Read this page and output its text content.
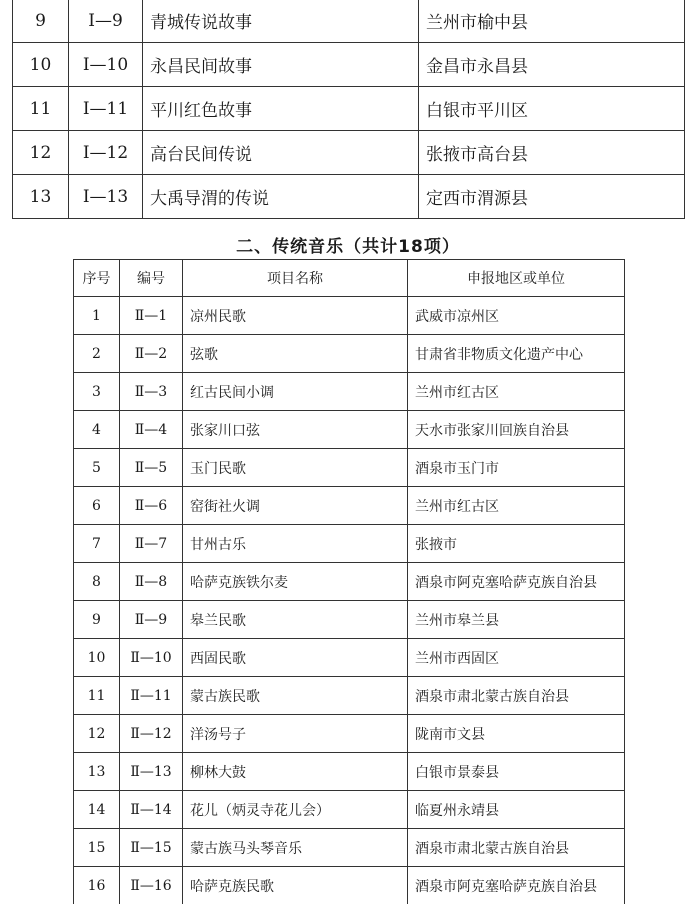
9	Ⅰ—9	青城传说故事	兰州市榆中县
10	Ⅰ—10	永昌民间故事	金昌市永昌县
11	Ⅰ—11	平川红色故事	白银市平川区
12	Ⅰ—12	高台民间传说	张掖市高台县
13	Ⅰ—13	大禹导渭的传说	定西市渭源县
二、传统音乐（共计18项）
序号	编号	项目名称	申报地区或单位
1	Ⅱ—1	凉州民歌	武威市凉州区
2	Ⅱ—2	弦歌	甘肃省非物质文化遗产中心
3	Ⅱ—3	红古民间小调	兰州市红古区
4	Ⅱ—4	张家川口弦	天水市张家川回族自治县
5	Ⅱ—5	玉门民歌	酒泉市玉门市
6	Ⅱ—6	窑街社火调	兰州市红古区
7	Ⅱ—7	甘州古乐	张掖市
8	Ⅱ—8	哈萨克族铁尔麦	酒泉市阿克塞哈萨克族自治县
9	Ⅱ—9	皋兰民歌	兰州市皋兰县
10	Ⅱ—10	西固民歌	兰州市西固区
11	Ⅱ—11	蒙古族民歌	酒泉市肃北蒙古族自治县
12	Ⅱ—12	洋汤号子	陇南市文县
13	Ⅱ—13	柳林大鼓	白银市景泰县
14	Ⅱ—14	花儿（炳灵寺花儿会）	临夏州永靖县
15	Ⅱ—15	蒙古族马头琴音乐	酒泉市肃北蒙古族自治县
16	Ⅱ—16	哈萨克族民歌	酒泉市阿克塞哈萨克族自治县
